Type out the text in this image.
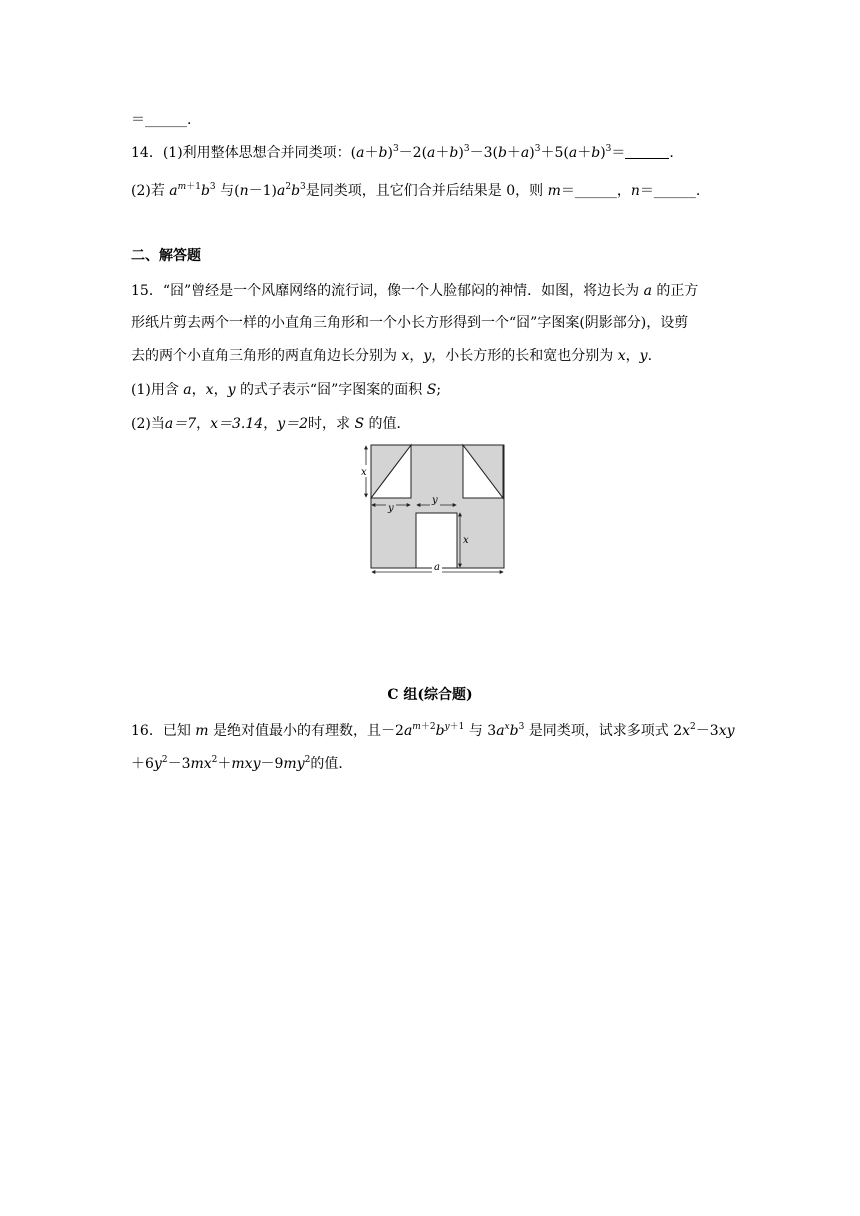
＝______.
14．(1)利用整体思想合并同类项：$(a+b)^3-2(a+b)^3-3(b+a)^3+5(a+b)^3=$	.
(2)若 $a^{m+1}b^3$ 与$(n-1)a^2b^3$是同类项，且它们合并后结果是 0，则 m＝______，n＝______.
二、解答题
15．“囧”曾经是一个风靡网络的流行词，像一个人脸郁闷的神情．如图，将边长为 a 的正方
形纸片剪去两个一样的小直角三角形和一个小长方形得到一个“囧”字图案(阴影部分)，设剪
去的两个小直角三角形的两直角边长分别为 x，y，小长方形的长和宽也分别为 x，y.
(1)用含 a，x，y 的式子表示“囧”字图案的面积 S;
(2)当a＝7，x＝3.14，y＝2时，求 S 的值．
x
y
y
x
a
C 组(综合题)
16．已知 m 是绝对值最小的有理数，且$-2a^{m+2}b^{y+1}$ 与 $3a^xb^3$ 是同类项，试求多项式 $2x^2-3xy$
$+6y^2-3mx^2+mxy-9my^2$的值．
